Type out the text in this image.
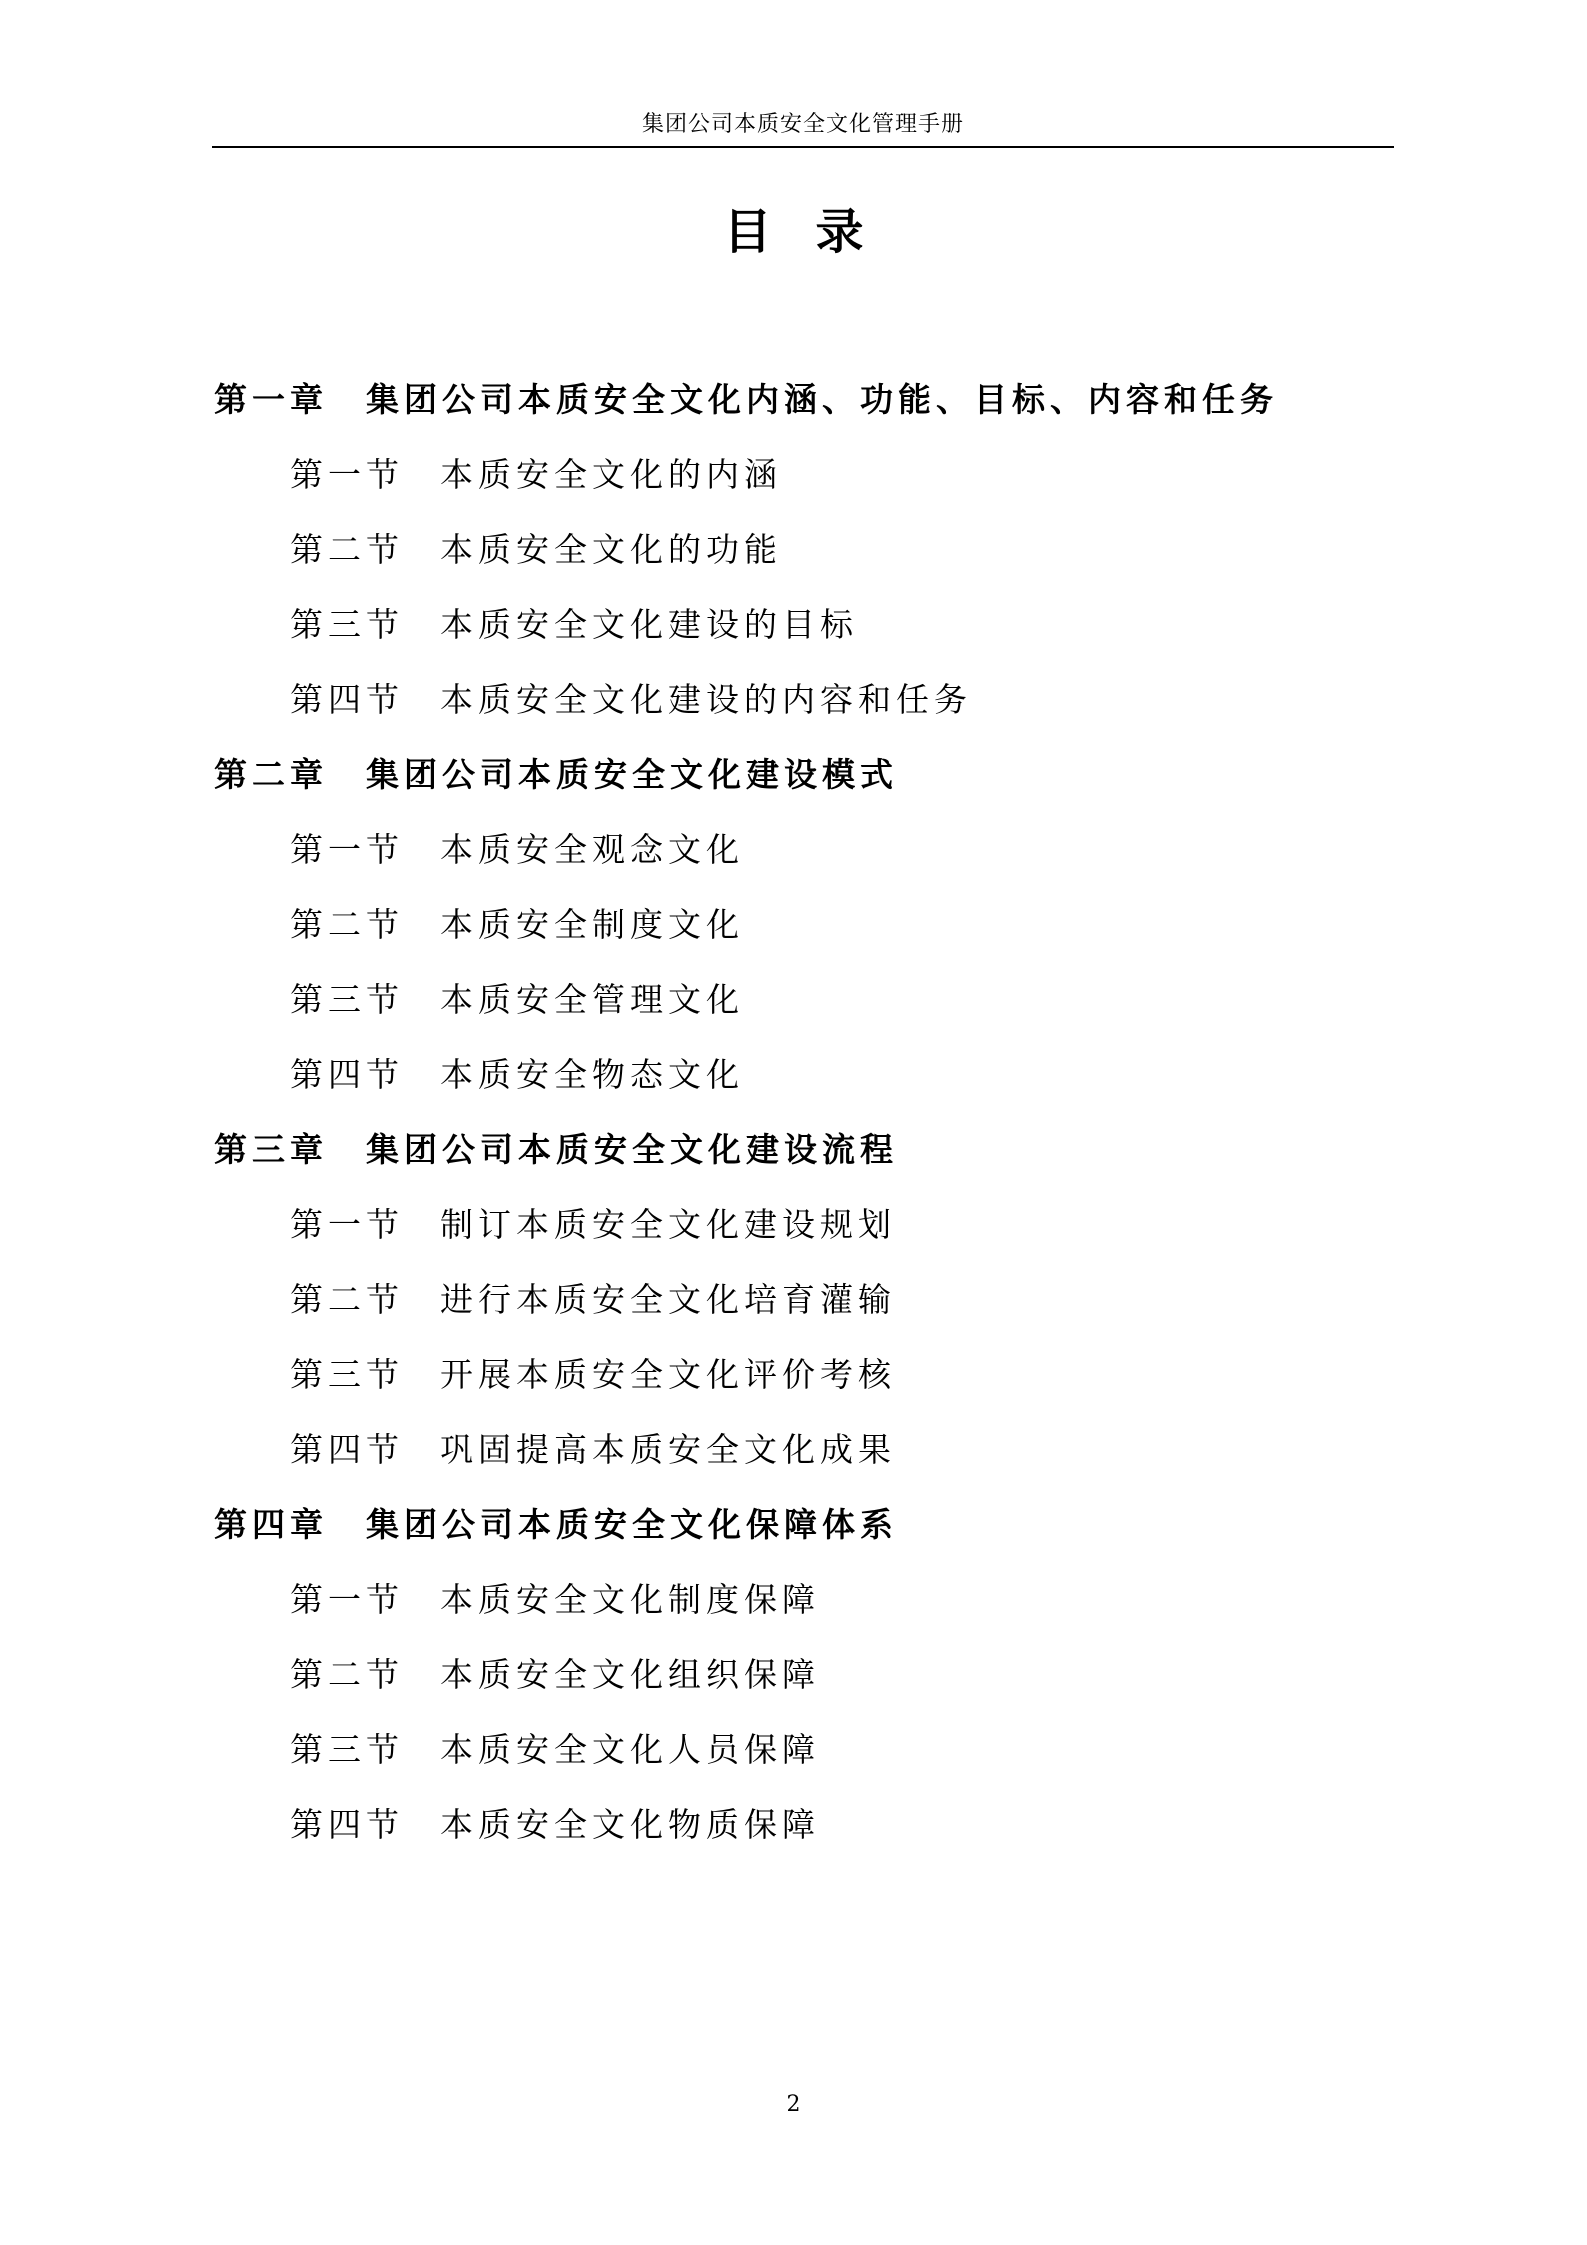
集团公司本质安全文化管理手册
目录
第一章 集团公司本质安全文化内涵、功能、目标、内容和任务
第一节 本质安全文化的内涵
第二节 本质安全文化的功能
第三节 本质安全文化建设的目标
第四节 本质安全文化建设的内容和任务
第二章 集团公司本质安全文化建设模式
第一节 本质安全观念文化
第二节 本质安全制度文化
第三节 本质安全管理文化
第四节 本质安全物态文化
第三章 集团公司本质安全文化建设流程
第一节 制订本质安全文化建设规划
第二节 进行本质安全文化培育灌输
第三节 开展本质安全文化评价考核
第四节 巩固提高本质安全文化成果
第四章 集团公司本质安全文化保障体系
第一节 本质安全文化制度保障
第二节 本质安全文化组织保障
第三节 本质安全文化人员保障
第四节 本质安全文化物质保障
2
